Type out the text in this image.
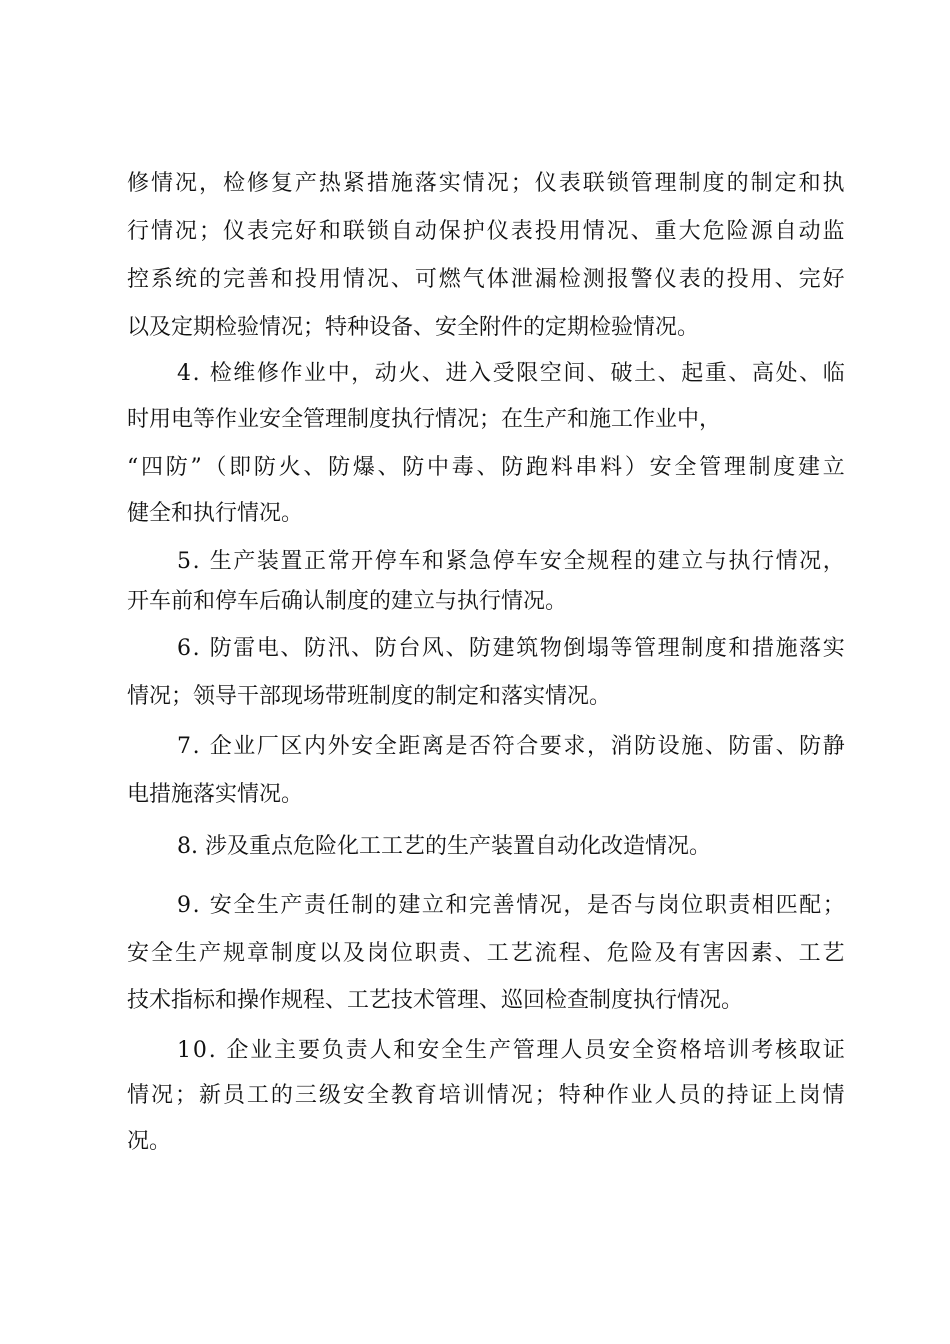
修 情 况 ， 检 修 复 产 热 紧 措 施 落 实 情 况 ； 仪 表 联 锁 管 理 制 度 的 制 定 和 执
行 情 况 ； 仪 表 完 好 和 联 锁 自 动 保 护 仪 表 投 用 情 况 、 重 大 危 险 源 自 动 监
控 系 统 的 完 善 和 投 用 情 况 、 可 燃 气 体 泄 漏 检 测 报 警 仪 表 的 投 用 、 完 好
以及定期检验情况；特种设备、安全附件的定期检验情况。
4 .
检 维 修 作 业 中 ， 动 火 、 进 入 受 限 空 间 、 破 土 、 起 重 、 高 处 、 临
时用电等作业安全管理制度执行情况；在生产和施工作业中，
“ 四 防 ” （ 即 防 火 、 防 爆 、 防 中 毒 、 防 跑 料 串 料 ） 安 全 管 理 制 度 建 立
健全和执行情况。
5 .
生 产 装 置 正 常 开 停 车 和 紧 急 停 车 安 全 规 程 的 建 立 与 执 行 情 况 ，
开车前和停车后确认制度的建立与执行情况。
6 .
防 雷 电 、 防 汛 、 防 台 风 、 防 建 筑 物 倒 塌 等 管 理 制 度 和 措 施 落 实
情况；领导干部现场带班制度的制定和落实情况。
7 .
企 业 厂 区 内 外 安 全 距 离 是 否 符 合 要 求 ， 消 防 设 施 、 防 雷 、 防 静
电措施落实情况。
8. 涉及重点危险化工工艺的生产装置自动化改造情况。
9 .
安 全 生 产 责 任 制 的 建 立 和 完 善 情 况 ， 是 否 与 岗 位 职 责 相 匹 配 ；
安 全 生 产 规 章 制 度 以 及 岗 位 职 责 、 工 艺 流 程 、 危 险 及 有 害 因 素 、 工 艺
技术指标和操作规程、工艺技术管理、巡回检查制度执行情况。
1 0 .
企 业 主 要 负 责 人 和 安 全 生 产 管 理 人 员 安 全 资 格 培 训 考 核 取 证
情 况 ； 新 员 工 的 三 级 安 全 教 育 培 训 情 况 ； 特 种 作 业 人 员 的 持 证 上 岗 情
况。
